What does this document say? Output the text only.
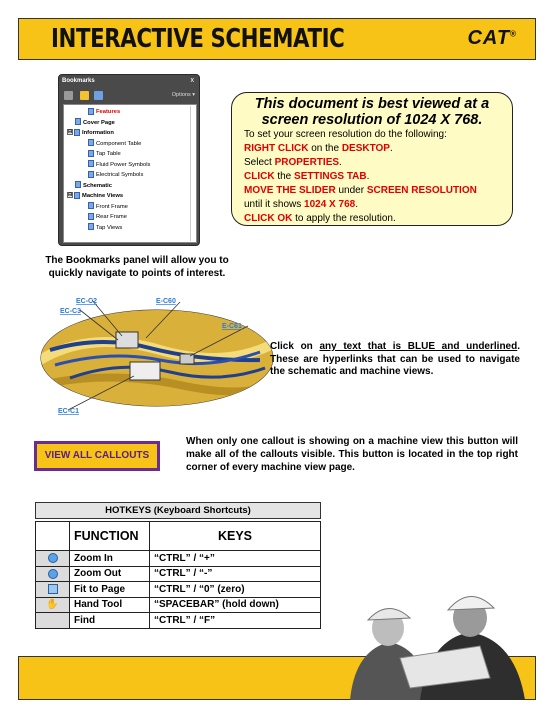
INTERACTIVE SCHEMATIC	CAT®
Bookmarks	x
Options ▾
Features
Cover Page
⊟ Information
Component Table
Tap Table
Fluid Power Symbols
Electrical Symbols
Schematic
⊟ Machine Views
Front Frame
Rear Frame
Tap Views
The Bookmarks panel will allow you to quickly navigate to points of interest.
This document is best viewed at a screen resolution of 1024 X 768.
To set your screen resolution do the following:
RIGHT CLICK on the DESKTOP.
Select PROPERTIES.
CLICK the SETTINGS TAB.
MOVE THE SLIDER under SCREEN RESOLUTION
until it shows 1024 X 768.
CLICK OK to apply the resolution.
EC-C2
EC-C3
E-C60
E-C61
EC-C1
Click on any text that is BLUE and underlined. These are hyperlinks that can be used to navigate the schematic and machine views.
VIEW ALL CALLOUTS
When only one callout is showing on a machine view this button will make all of the callouts visible. This button is located in the top right corner of every machine view page.
HOTKEYS (Keyboard Shortcuts)
	FUNCTION	KEYS
	Zoom In	“CTRL” / “+”
	Zoom Out	“CTRL” / “-”
	Fit to Page	“CTRL” / “0” (zero)
✋	Hand Tool	“SPACEBAR” (hold down)
	Find	“CTRL” / “F”
